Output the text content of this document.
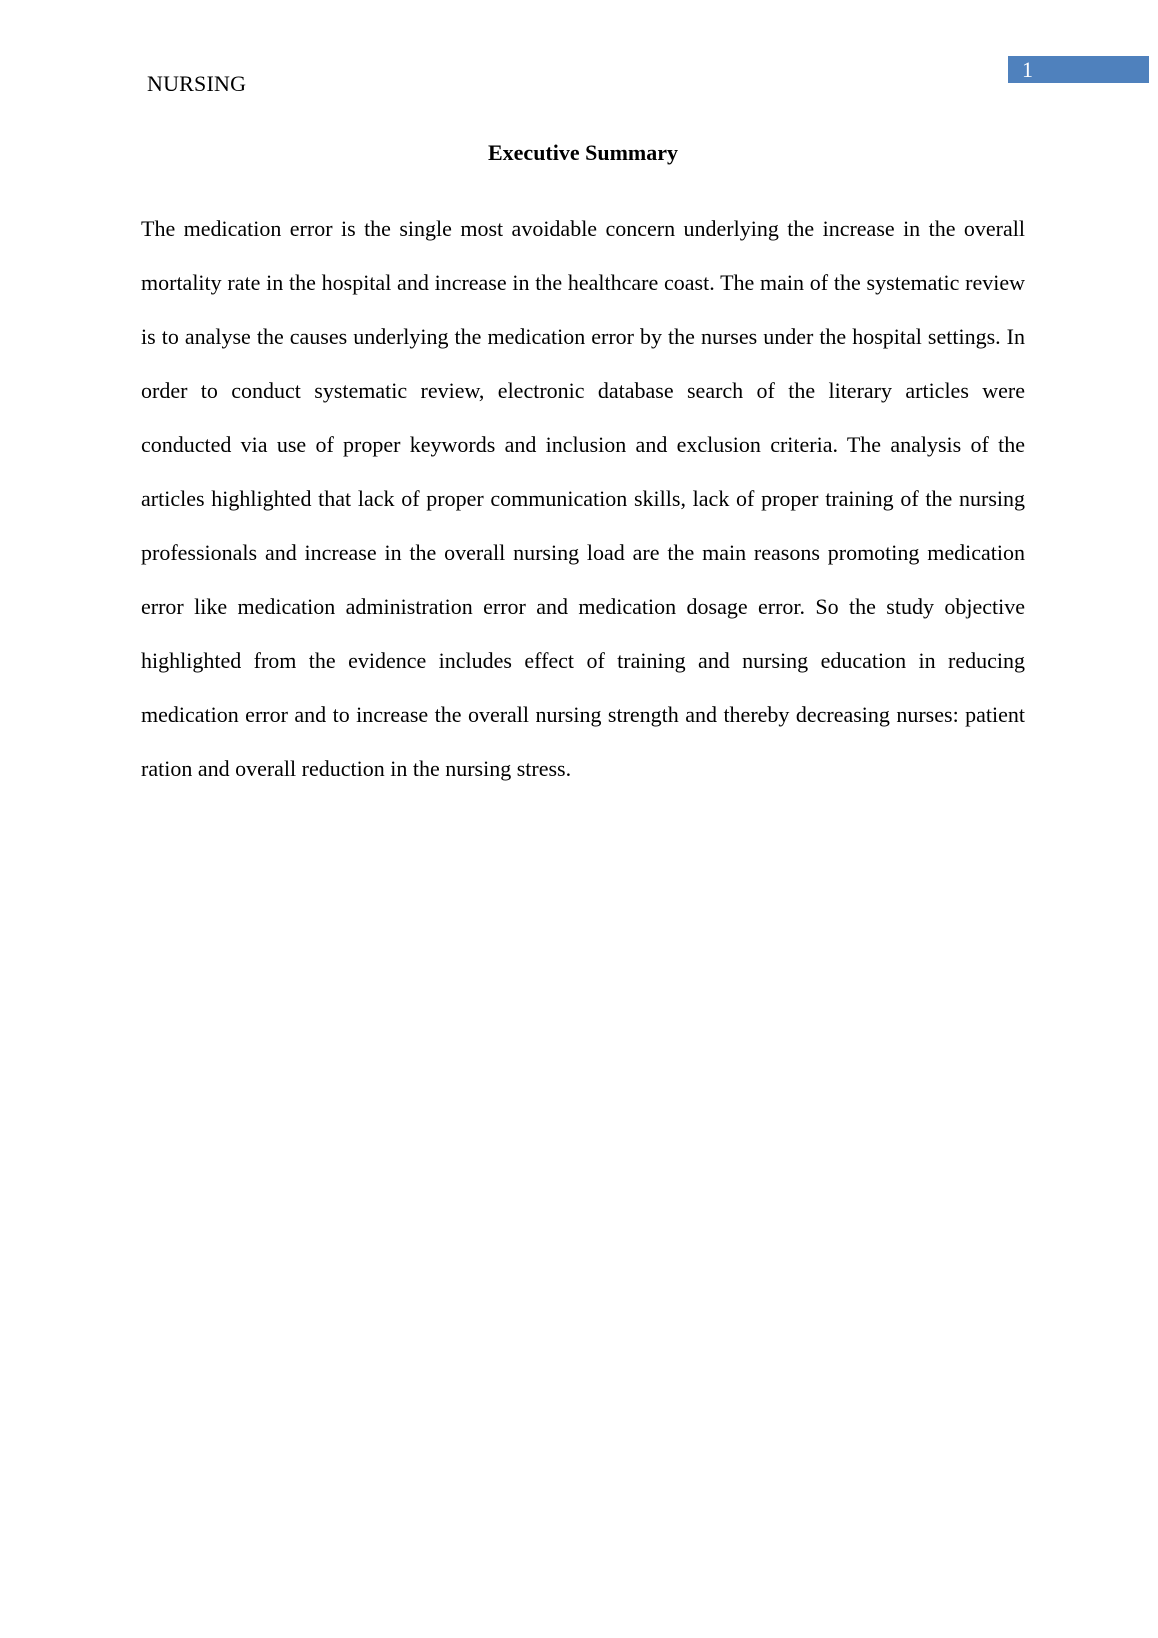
NURSING
1
Executive Summary

The medication error is the single most avoidable concern underlying the increase in the overall mortality rate in the hospital and increase in the healthcare coast. The main of the systematic review is to analyse the causes underlying the medication error by the nurses under the hospital settings. In order to conduct systematic review, electronic database search of the literary articles were conducted via use of proper keywords and inclusion and exclusion criteria. The analysis of the articles highlighted that lack of proper communication skills, lack of proper training of the nursing professionals and increase in the overall nursing load are the main reasons promoting medication error like medication administration error and medication dosage error. So the study objective highlighted from the evidence includes effect of training and nursing education in reducing medication error and to increase the overall nursing strength and thereby decreasing nurses: patient ration and overall reduction in the nursing stress.
